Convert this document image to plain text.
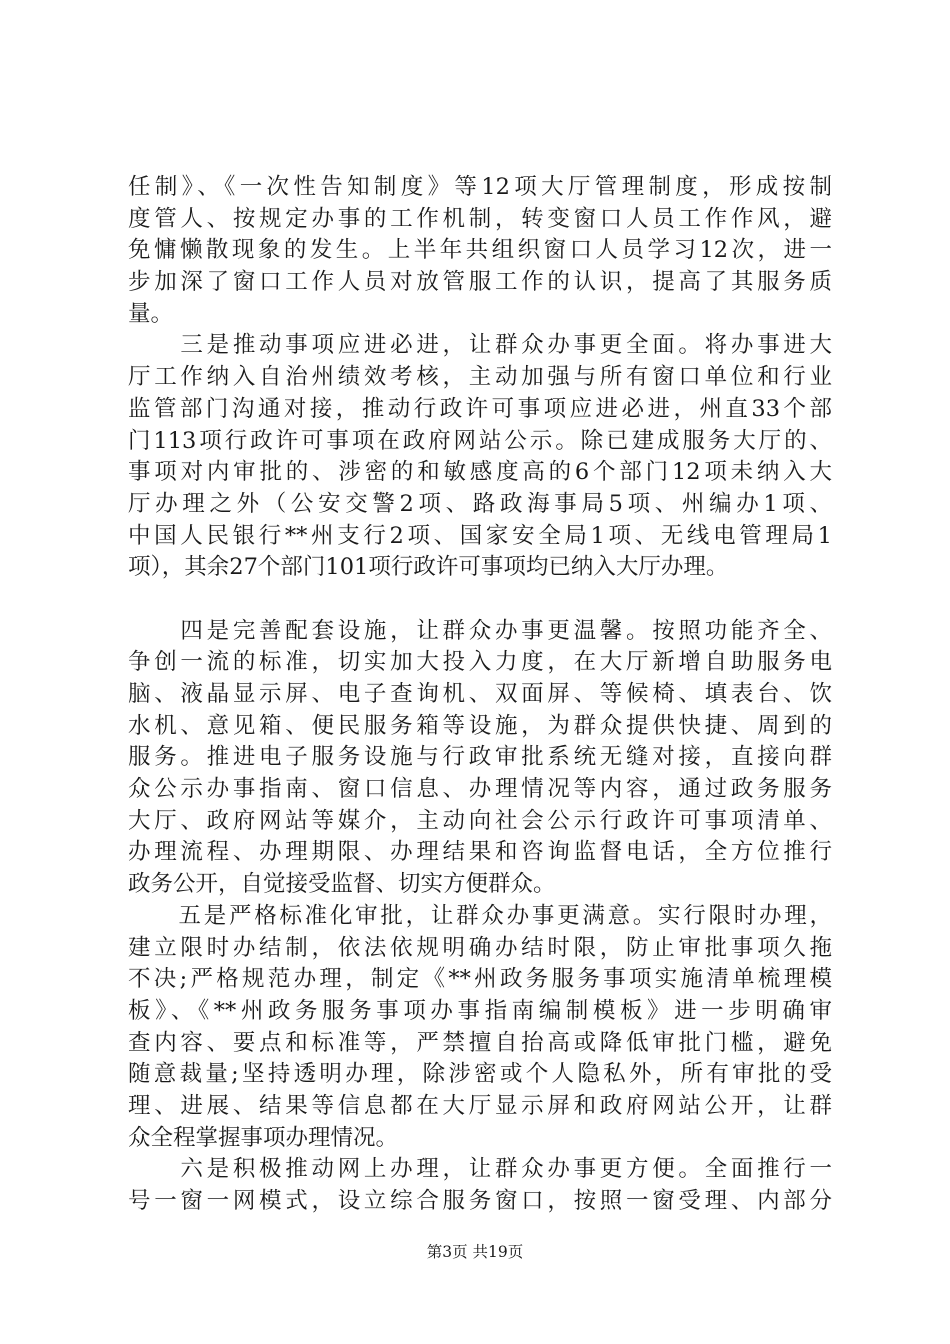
任制》、《一次性告知制度》等12项大厅管理制度，形成按制
度管人、按规定办事的工作机制，转变窗口人员工作作风，避
免慵懒散现象的发生。上半年共组织窗口人员学习12次，进一
步加深了窗口工作人员对放管服工作的认识，提高了其服务质
量。
　　三是推动事项应进必进，让群众办事更全面。将办事进大
厅工作纳入自治州绩效考核，主动加强与所有窗口单位和行业
监管部门沟通对接，推动行政许可事项应进必进，州直33个部
门113项行政许可事项在政府网站公示。除已建成服务大厅的、
事项对内审批的、涉密的和敏感度高的6个部门12项未纳入大
厅办理之外（公安交警2项、路政海事局5项、州编办1项、
中国人民银行**州支行2项、国家安全局1项、无线电管理局1
项），其余27个部门101项行政许可事项均已纳入大厅办理。
　　四是完善配套设施，让群众办事更温馨。按照功能齐全、
争创一流的标准，切实加大投入力度，在大厅新增自助服务电
脑、液晶显示屏、电子查询机、双面屏、等候椅、填表台、饮
水机、意见箱、便民服务箱等设施，为群众提供快捷、周到的
服务。推进电子服务设施与行政审批系统无缝对接，直接向群
众公示办事指南、窗口信息、办理情况等内容，通过政务服务
大厅、政府网站等媒介，主动向社会公示行政许可事项清单、
办理流程、办理期限、办理结果和咨询监督电话，全方位推行
政务公开，自觉接受监督、切实方便群众。
　　五是严格标准化审批，让群众办事更满意。实行限时办理，
建立限时办结制，依法依规明确办结时限，防止审批事项久拖
不决;严格规范办理，制定《**州政务服务事项实施清单梳理模
板》、《**州政务服务事项办事指南编制模板》进一步明确审
查内容、要点和标准等，严禁擅自抬高或降低审批门槛，避免
随意裁量;坚持透明办理，除涉密或个人隐私外，所有审批的受
理、进展、结果等信息都在大厅显示屏和政府网站公开，让群
众全程掌握事项办理情况。
　　六是积极推动网上办理，让群众办事更方便。全面推行一
号一窗一网模式，设立综合服务窗口，按照一窗受理、内部分
第3页 共19页
